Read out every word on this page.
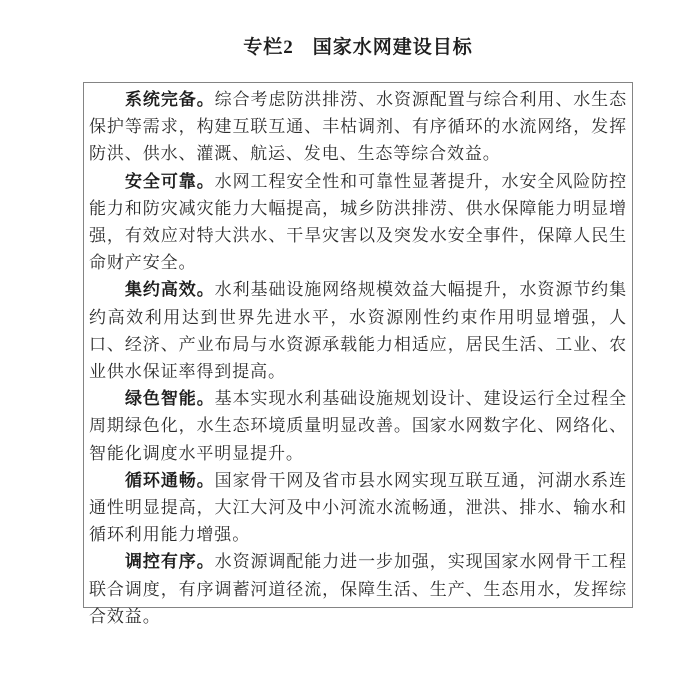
专栏2 国家水网建设目标

系统完备。综合考虑防洪排涝、水资源配置与综合利用、水生态保护等需求，构建互联互通、丰枯调剂、有序循环的水流网络，发挥防洪、供水、灌溉、航运、发电、生态等综合效益。

安全可靠。水网工程安全性和可靠性显著提升，水安全风险防控能力和防灾减灾能力大幅提高，城乡防洪排涝、供水保障能力明显增强，有效应对特大洪水、干旱灾害以及突发水安全事件，保障人民生命财产安全。

集约高效。水利基础设施网络规模效益大幅提升，水资源节约集约高效利用达到世界先进水平，水资源刚性约束作用明显增强，人口、经济、产业布局与水资源承载能力相适应，居民生活、工业、农业供水保证率得到提高。

绿色智能。基本实现水利基础设施规划设计、建设运行全过程全周期绿色化，水生态环境质量明显改善。国家水网数字化、网络化、智能化调度水平明显提升。

循环通畅。国家骨干网及省市县水网实现互联互通，河湖水系连通性明显提高，大江大河及中小河流水流畅通，泄洪、排水、输水和循环利用能力增强。

调控有序。水资源调配能力进一步加强，实现国家水网骨干工程联合调度，有序调蓄河道径流，保障生活、生产、生态用水，发挥综合效益。
